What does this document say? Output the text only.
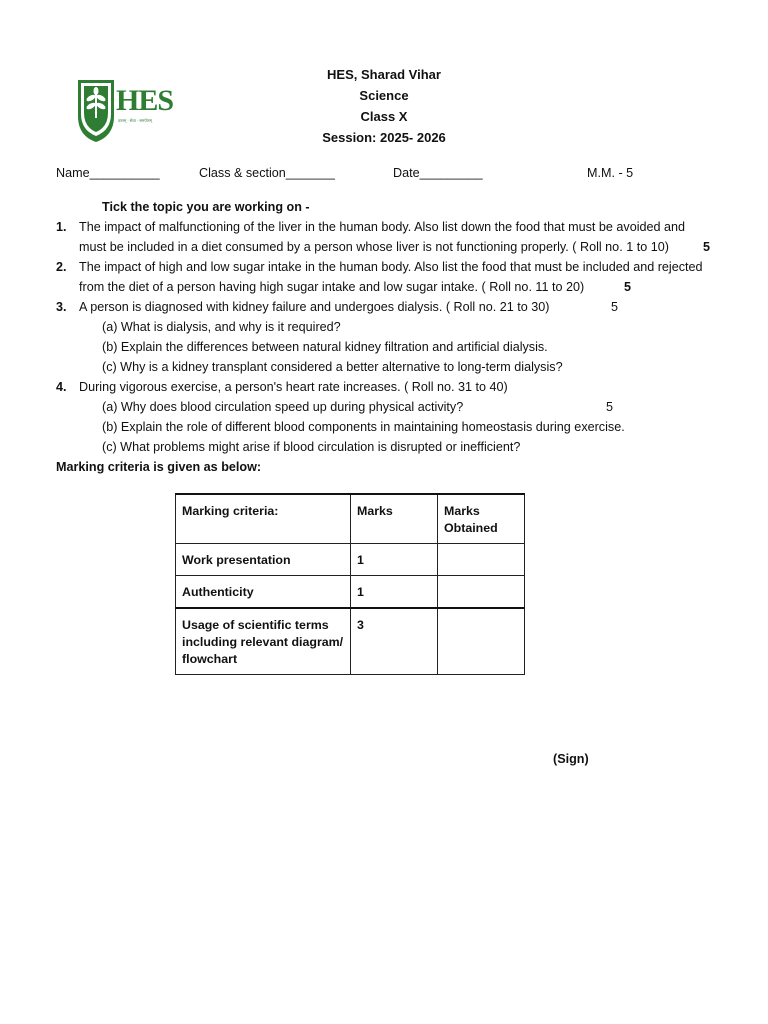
HES
ज्ञानम् · सेवा · समर्पणम्
HES, Sharad Vihar
Science
Class X
Session: 2025- 2026
Name__________	Class & section_______	Date_________	M.M. - 5
Tick the topic you are working on -
1. The impact of malfunctioning of the liver in the human body. Also list down the food that must be avoided and
must be included in a diet consumed by a person whose liver is not functioning properly. ( Roll no. 1 to 10)	5
2. The impact of high and low sugar intake in the human body. Also list the food that must be included and rejected
from the diet of a person having high sugar intake and low sugar intake. ( Roll no. 11 to 20)	5
3. A person is diagnosed with kidney failure and undergoes dialysis. ( Roll no. 21 to 30)	5
(a) What is dialysis, and why is it required?
(b) Explain the differences between natural kidney filtration and artificial dialysis.
(c) Why is a kidney transplant considered a better alternative to long-term dialysis?
4. During vigorous exercise, a person's heart rate increases. ( Roll no. 31 to 40)
(a) Why does blood circulation speed up during physical activity?	5
(b) Explain the role of different blood components in maintaining homeostasis during exercise.
(c) What problems might arise if blood circulation is disrupted or inefficient?
Marking criteria is given as below:
Marking criteria:	Marks	Marks Obtained
Work presentation	1	
Authenticity	1	
Usage of scientific terms including relevant diagram/ flowchart	3	
(Sign)
